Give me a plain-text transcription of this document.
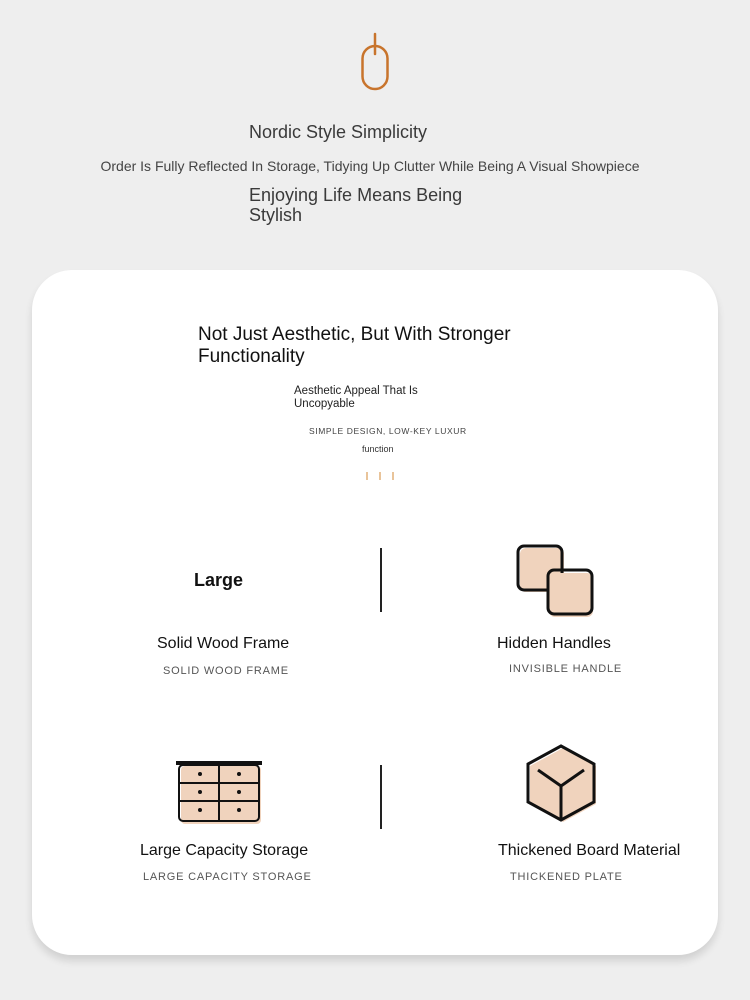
Nordic Style Simplicity
Order Is Fully Reflected In Storage, Tidying Up Clutter While Being A Visual Showpiece
Enjoying Life Means Being Stylish
Not Just Aesthetic, But With Stronger Functionality
Aesthetic Appeal That Is Uncopyable
SIMPLE DESIGN, LOW-KEY LUXUR
function
Large
Solid Wood Frame
SOLID WOOD FRAME
Hidden Handles
INVISIBLE HANDLE
Large Capacity Storage
LARGE CAPACITY STORAGE
Thickened Board Material
THICKENED PLATE
